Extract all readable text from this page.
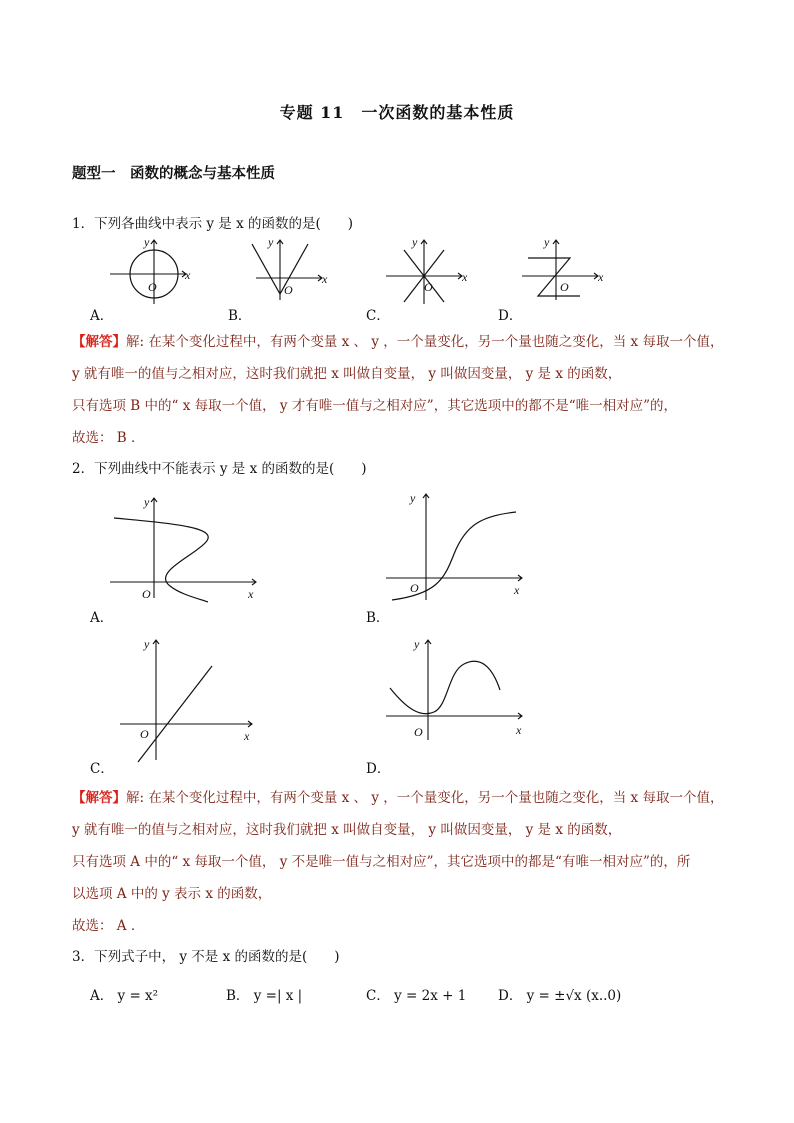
专题 11　一次函数的基本性质
题型一　函数的概念与基本性质
1．下列各曲线中表示 y 是 x 的函数的是(　　)
y
x
O
y
x
O
y
x
O
y
x
O
A．	B．	C．	D．
【解答】解: 在某个变化过程中，有两个变量 x 、 y ，一个量变化，另一个量也随之变化，当 x 每取一个值，
y 就有唯一的值与之相对应，这时我们就把 x 叫做自变量， y 叫做因变量， y 是 x 的函数，
只有选项 B 中的“ x 每取一个值， y 才有唯一值与之相对应”，其它选项中的都不是“唯一相对应”的，
故选： B ．
2．下列曲线中不能表示 y 是 x 的函数的是(　　)
y
x
O
y
x
O
y
x
O
y
x
O
A．	B．
C．	D．
【解答】解: 在某个变化过程中，有两个变量 x 、 y ，一个量变化，另一个量也随之变化，当 x 每取一个值，
y 就有唯一的值与之相对应，这时我们就把 x 叫做自变量， y 叫做因变量， y 是 x 的函数，
只有选项 A 中的“ x 每取一个值， y 不是唯一值与之相对应”，其它选项中的都是“有唯一相对应”的，所
以选项 A 中的 y 表示 x 的函数，
故选： A ．
3．下列式子中， y 不是 x 的函数的是(　　)
A． y = x²	B． y =| x |	C． y = 2x + 1 D． y = ±√x (x..0)
